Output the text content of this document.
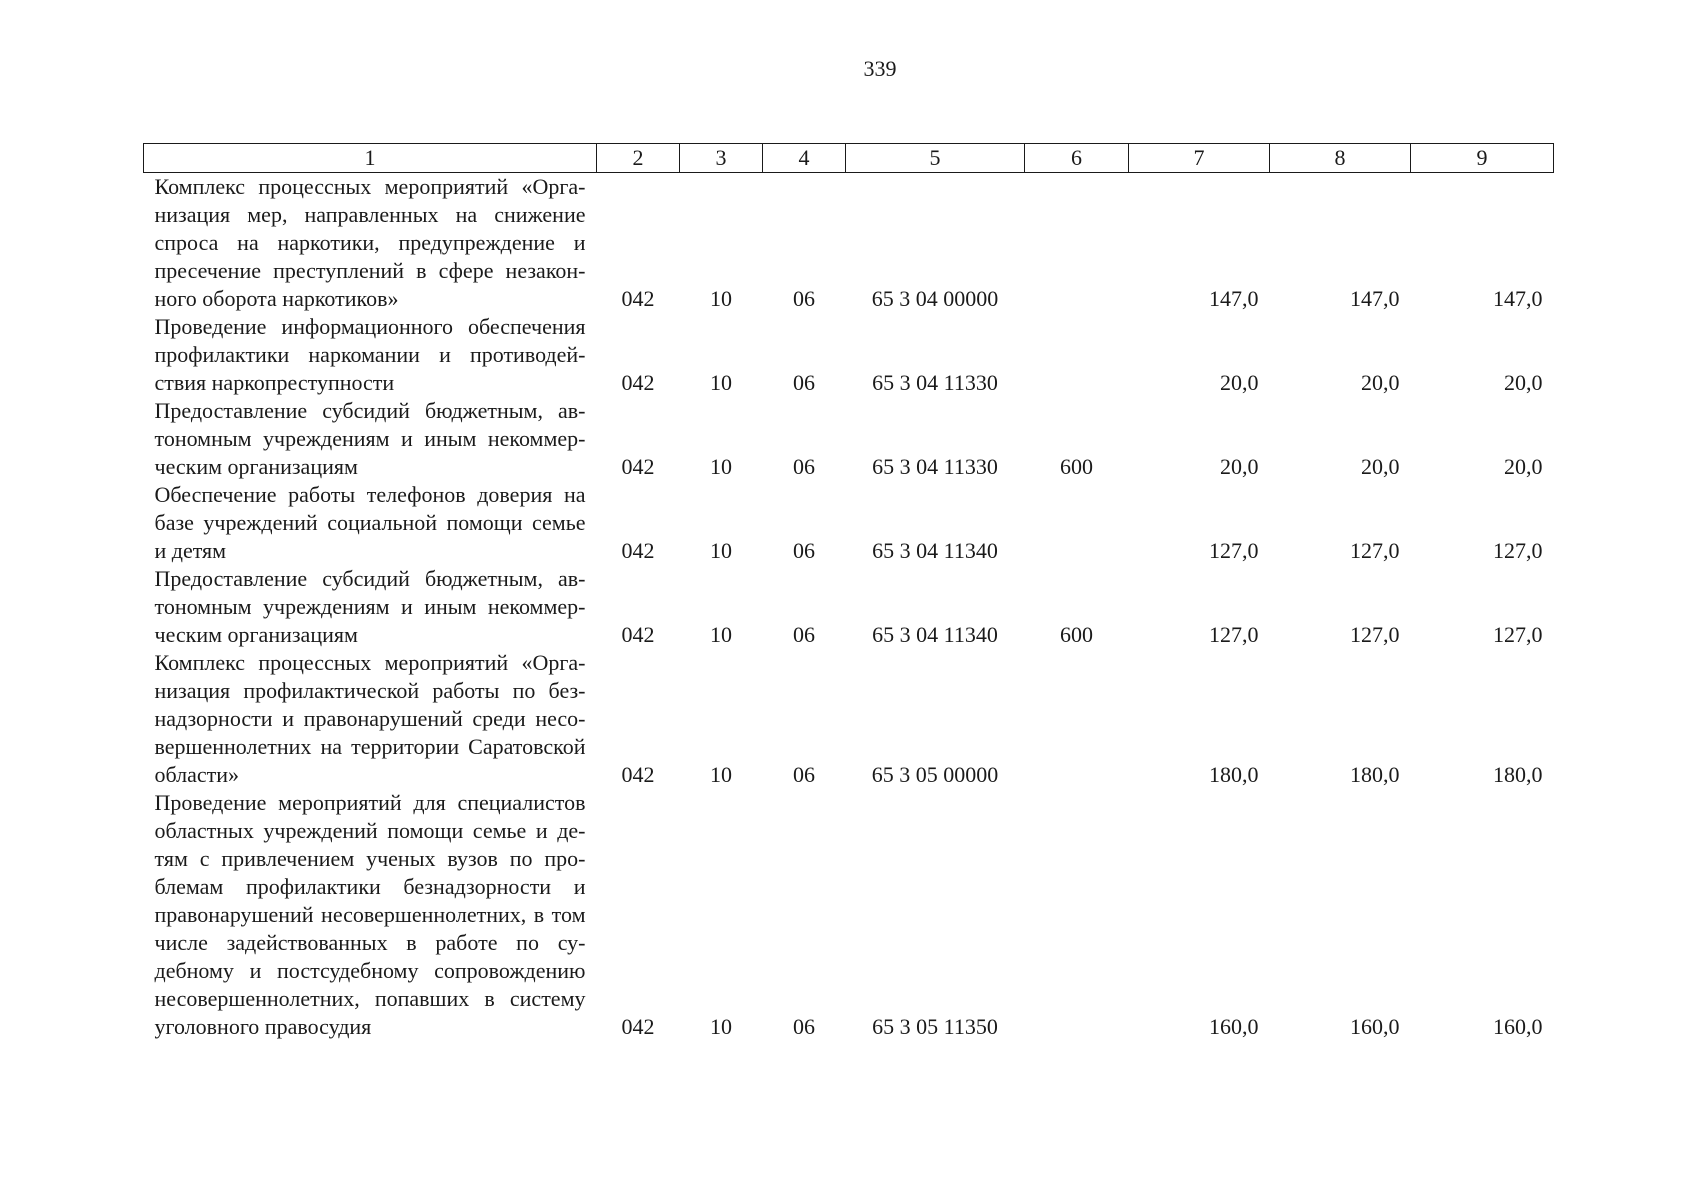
339
1	2	3	4	5	6	7	8	9
Комплекс процессных мероприятий «Организация мер, направленных на снижение спроса на наркотики, предупреждение и пресечение преступлений в сфере незаконного оборота наркотиков»	042	10	06	65 3 04 00000		147,0	147,0	147,0
Проведение информационного обеспечения профилактики наркомании и противодействия наркопреступности	042	10	06	65 3 04 11330		20,0	20,0	20,0
Предоставление субсидий бюджетным, автономным учреждениям и иным некоммерческим организациям	042	10	06	65 3 04 11330	600	20,0	20,0	20,0
Обеспечение работы телефонов доверия на базе учреждений социальной помощи семье и детям	042	10	06	65 3 04 11340		127,0	127,0	127,0
Предоставление субсидий бюджетным, автономным учреждениям и иным некоммерческим организациям	042	10	06	65 3 04 11340	600	127,0	127,0	127,0
Комплекс процессных мероприятий «Организация профилактической работы по безнадзорности и правонарушений среди несовершеннолетних на территории Саратовской области»	042	10	06	65 3 05 00000		180,0	180,0	180,0
Проведение мероприятий для специалистов областных учреждений помощи семье и детям с привлечением ученых вузов по проблемам профилактики безнадзорности и правонарушений несовершеннолетних, в том числе задействованных в работе по судебному и постсудебному сопровождению несовершеннолетних, попавших в систему уголовного правосудия	042	10	06	65 3 05 11350		160,0	160,0	160,0
